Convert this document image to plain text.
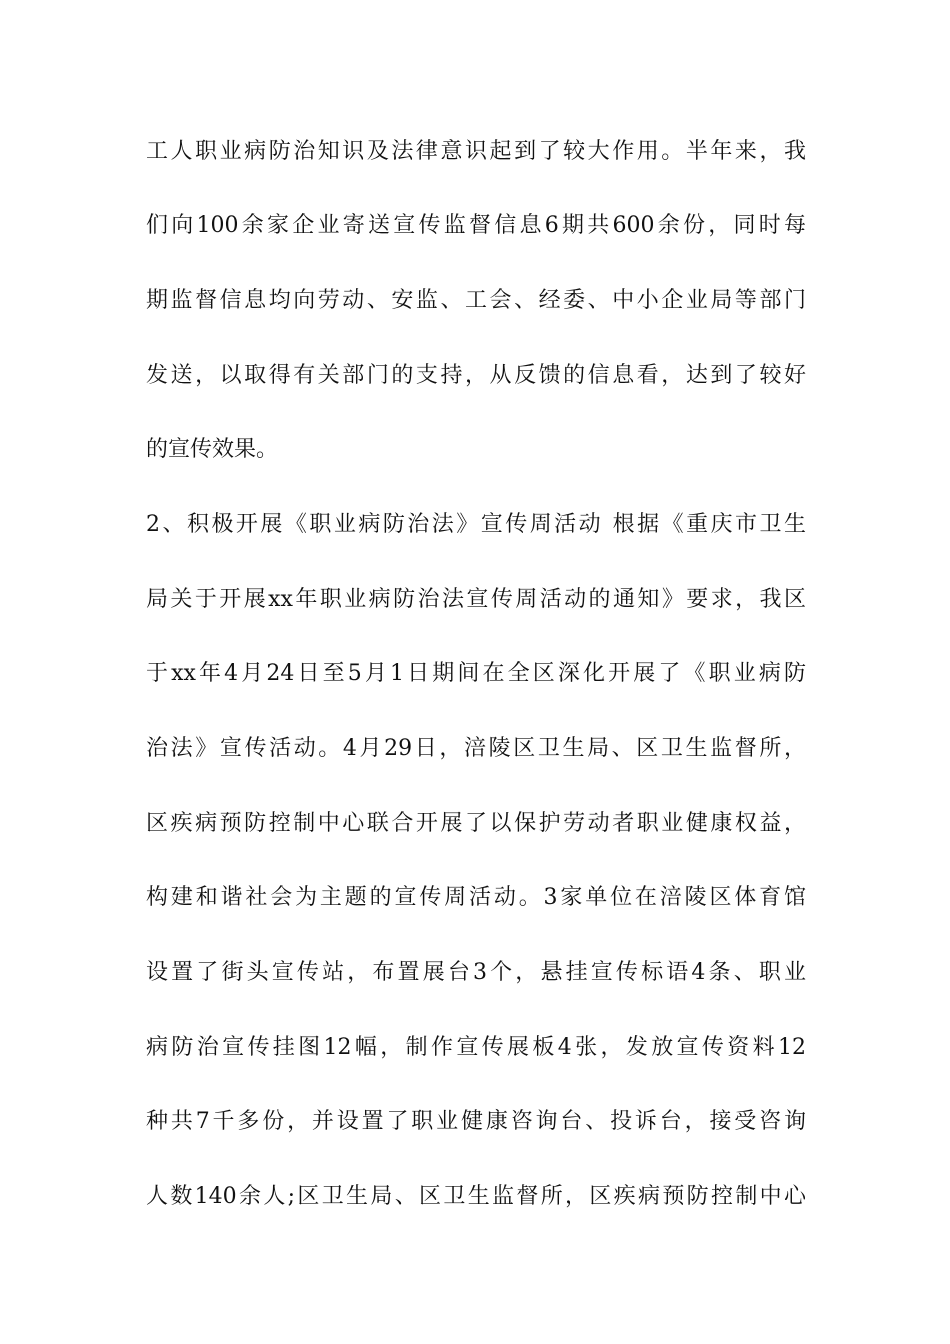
工人职业病防治知识及法律意识起到了较大作用。半年来，我
们向100余家企业寄送宣传监督信息6期共600余份，同时每
期监督信息均向劳动、安监、工会、经委、中小企业局等部门
发送，以取得有关部门的支持，从反馈的信息看，达到了较好
的宣传效果。
2、积极开展《职业病防治法》宣传周活动 根据《重庆市卫生
局关于开展xx年职业病防治法宣传周活动的通知》要求，我区
于xx年4月24日至5月1日期间在全区深化开展了《职业病防
治法》宣传活动。4月29日，涪陵区卫生局、区卫生监督所，
区疾病预防控制中心联合开展了以保护劳动者职业健康权益，
构建和谐社会为主题的宣传周活动。3家单位在涪陵区体育馆
设置了街头宣传站，布置展台3个，悬挂宣传标语4条、职业
病防治宣传挂图12幅，制作宣传展板4张，发放宣传资料12
种共7千多份，并设置了职业健康咨询台、投诉台，接受咨询
人数140余人;区卫生局、区卫生监督所，区疾病预防控制中心
